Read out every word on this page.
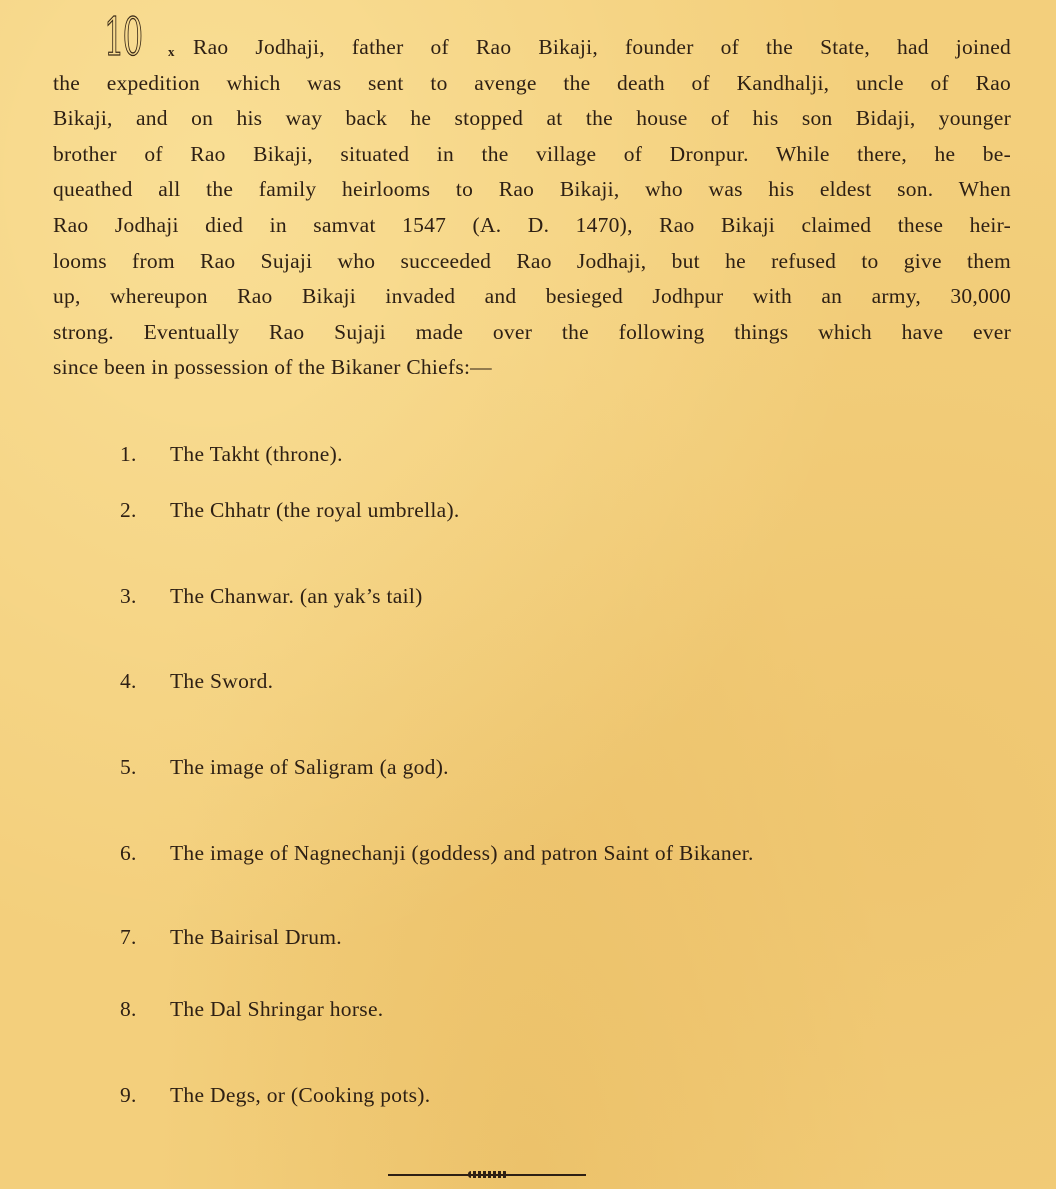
10 x Rao Jodhaji, father of Rao Bikaji, founder of the State, had joined
the expedition which was sent to avenge the death of Kandhalji, uncle of Rao
Bikaji, and on his way back he stopped at the house of his son Bidaji, younger
brother of Rao Bikaji, situated in the village of Dronpur. While there, he be-
queathed all the family heirlooms to Rao Bikaji, who was his eldest son. When
Rao Jodhaji died in samvat 1547 (A. D. 1470), Rao Bikaji claimed these heir-
looms from Rao Sujaji who succeeded Rao Jodhaji, but he refused to give them
up, whereupon Rao Bikaji invaded and besieged Jodhpur with an army, 30,000
strong. Eventually Rao Sujaji made over the following things which have ever
since been in possession of the Bikaner Chiefs:—
1. The Takht (throne).
2. The Chhatr (the royal umbrella).
3. The Chanwar. (an yak’s tail)
4. The Sword.
5. The image of Saligram (a god).
6. The image of Nagnechanji (goddess) and patron Saint of Bikaner.
7. The Bairisal Drum.
8. The Dal Shringar horse.
9. The Degs, or (Cooking pots).
